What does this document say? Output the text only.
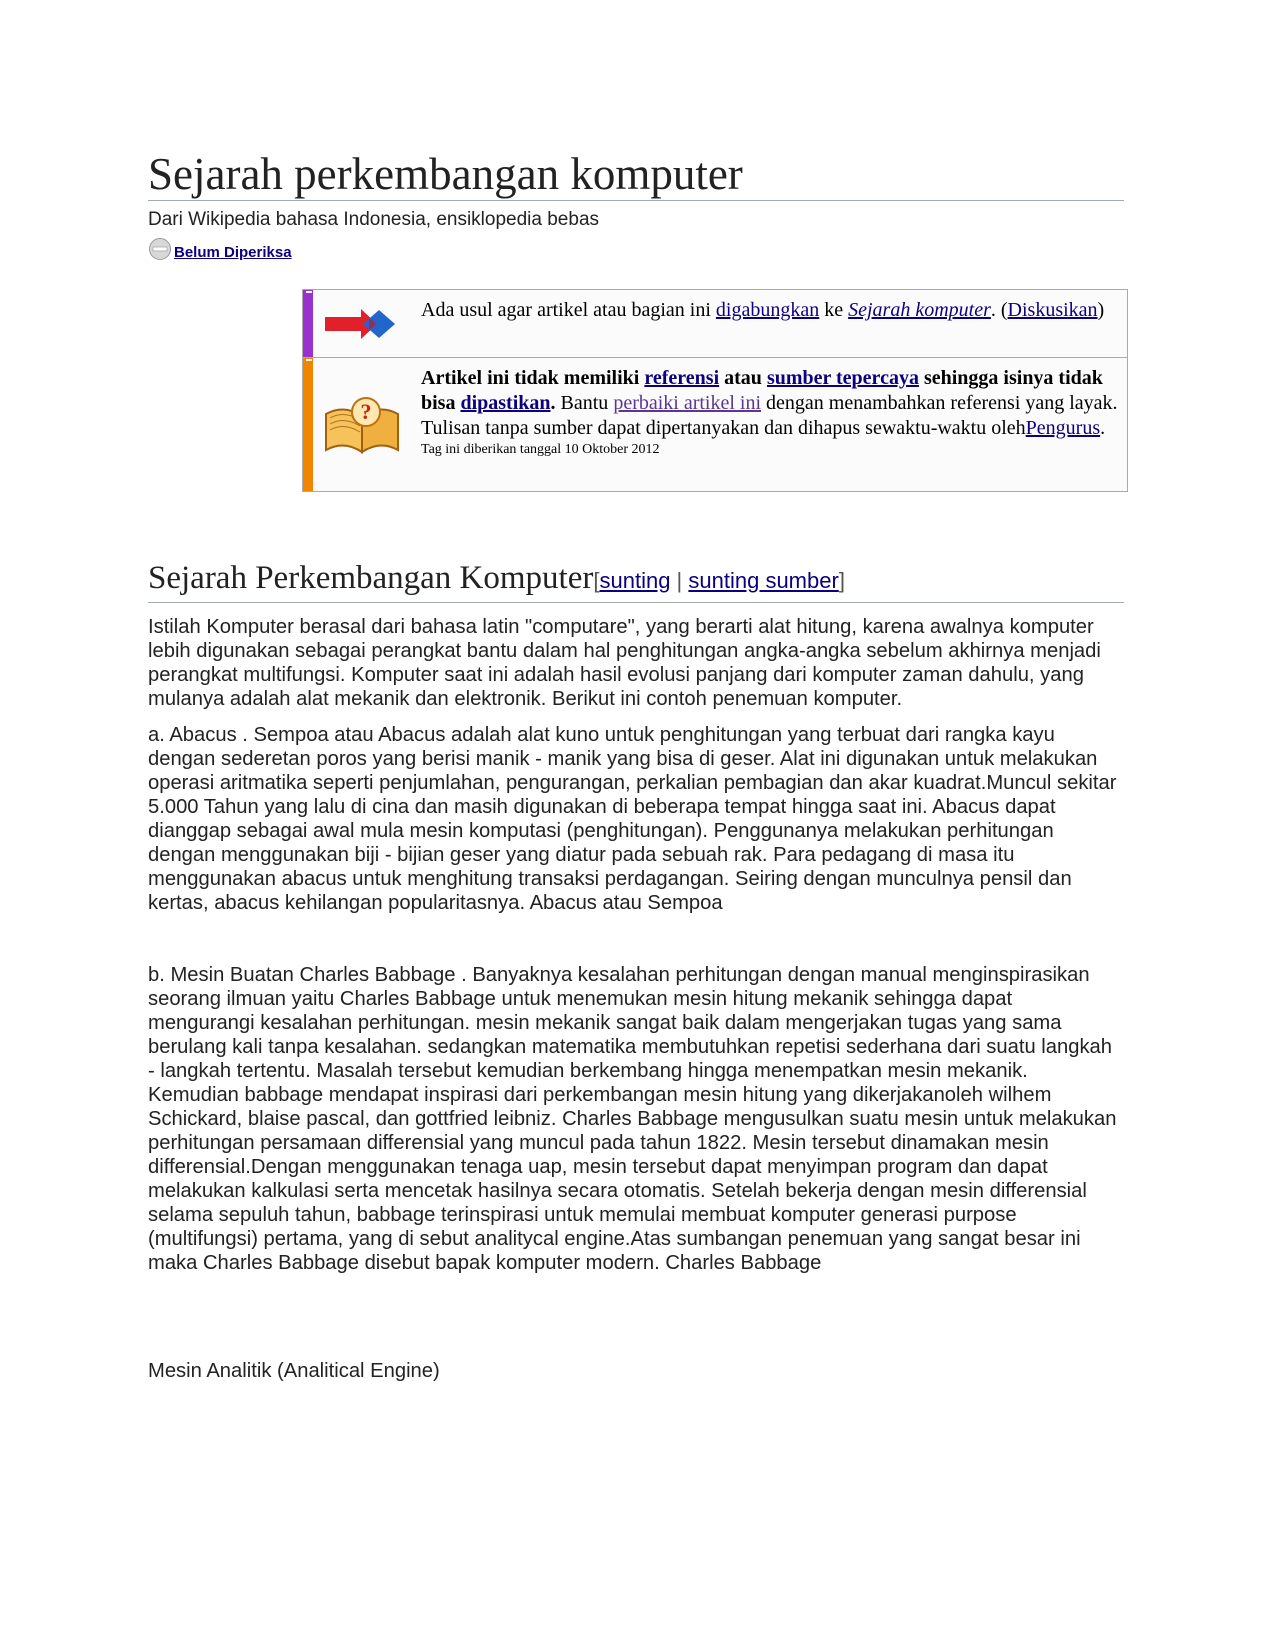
Sejarah perkembangan komputer
Dari Wikipedia bahasa Indonesia, ensiklopedia bebas
Belum Diperiksa
Ada usul agar artikel atau bagian ini digabungkan ke Sejarah komputer. (Diskusikan)
?
Artikel ini tidak memiliki referensi atau sumber tepercaya sehingga isinya tidak bisa dipastikan. Bantu perbaiki artikel ini dengan menambahkan referensi yang layak. Tulisan tanpa sumber dapat dipertanyakan dan dihapus sewaktu-waktu olehPengurus.
Tag ini diberikan tanggal 10 Oktober 2012
Sejarah Perkembangan Komputer[sunting | sunting sumber]

Istilah Komputer berasal dari bahasa latin "computare", yang berarti alat hitung, karena awalnya komputer lebih digunakan sebagai perangkat bantu dalam hal penghitungan angka-angka sebelum akhirnya menjadi perangkat multifungsi. Komputer saat ini adalah hasil evolusi panjang dari komputer zaman dahulu, yang mulanya adalah alat mekanik dan elektronik. Berikut ini contoh penemuan komputer.

a. Abacus . Sempoa atau Abacus adalah alat kuno untuk penghitungan yang terbuat dari rangka kayu dengan sederetan poros yang berisi manik - manik yang bisa di geser. Alat ini digunakan untuk melakukan operasi aritmatika seperti penjumlahan, pengurangan, perkalian pembagian dan akar kuadrat.Muncul sekitar 5.000 Tahun yang lalu di cina dan masih digunakan di beberapa tempat hingga saat ini. Abacus dapat dianggap sebagai awal mula mesin komputasi (penghitungan). Penggunanya melakukan perhitungan dengan menggunakan biji - bijian geser yang diatur pada sebuah rak. Para pedagang di masa itu menggunakan abacus untuk menghitung transaksi perdagangan. Seiring dengan munculnya pensil dan kertas, abacus kehilangan popularitasnya. Abacus atau Sempoa

b. Mesin Buatan Charles Babbage . Banyaknya kesalahan perhitungan dengan manual menginspirasikan seorang ilmuan yaitu Charles Babbage untuk menemukan mesin hitung mekanik sehingga dapat mengurangi kesalahan perhitungan. mesin mekanik sangat baik dalam mengerjakan tugas yang sama berulang kali tanpa kesalahan. sedangkan matematika membutuhkan repetisi sederhana dari suatu langkah - langkah tertentu. Masalah tersebut kemudian berkembang hingga menempatkan mesin mekanik. Kemudian babbage mendapat inspirasi dari perkembangan mesin hitung yang dikerjakanoleh wilhem Schickard, blaise pascal, dan gottfried leibniz. Charles Babbage mengusulkan suatu mesin untuk melakukan perhitungan persamaan differensial yang muncul pada tahun 1822. Mesin tersebut dinamakan mesin differensial.Dengan menggunakan tenaga uap, mesin tersebut dapat menyimpan program dan dapat melakukan kalkulasi serta mencetak hasilnya secara otomatis. Setelah bekerja dengan mesin differensial selama sepuluh tahun, babbage terinspirasi untuk memulai membuat komputer generasi purpose (multifungsi) pertama, yang di sebut analitycal engine.Atas sumbangan penemuan yang sangat besar ini maka Charles Babbage disebut bapak komputer modern. Charles Babbage

Mesin Analitik (Analitical Engine)
